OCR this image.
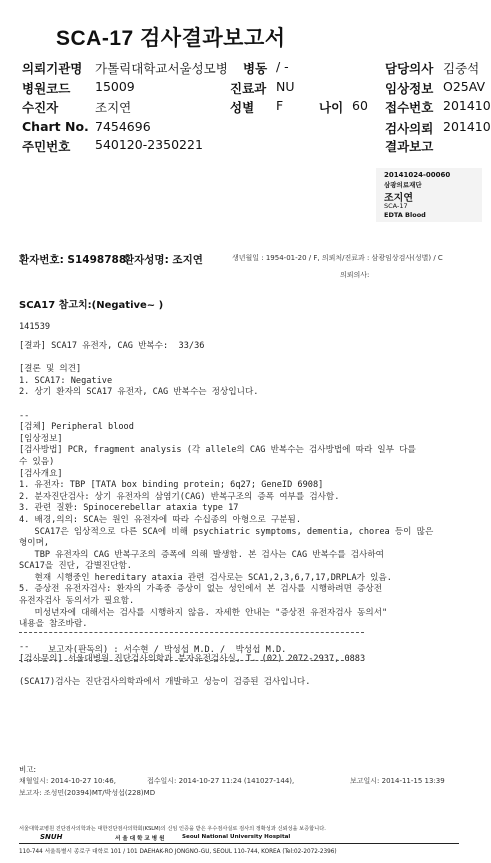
SCA-17 검사결과보고서
의뢰기관명 가톨릭대학교서울성모병 병동 / -	담당의사 김중석
병원코드 15009	진료과 NU	임상정보 O25AV
수진자	조지연	성별 F	나이 60 접수번호 201410
Chart No. 7454696	검사의뢰 201410
주민번호 540120-2350221	결과보고
20141024-00060
삼광의료재단
조지연
SCA-17
EDTA Blood
환자번호: S1498788
환자성명: 조지연	생년월일 : 1954-01-20 / F, 의뢰처/진료과 : 삼광임상검사(성별) / C
의뢰의사:
SCA17 참고치:(Negative~ )
141539
[결과] SCA17 유전자, CAG 반복수:  33/36

[결론 및 의견]
1. SCA17: Negative
2. 상기 환자의 SCA17 유전자, CAG 반복수는 정상입니다.

--
[검체] Peripheral blood
[임상정보]
[검사방법] PCR, fragment analysis (각 allele의 CAG 반복수는 검사방법에 따라 일부 다를
수 있음)
[검사개요]
1. 유전자: TBP [TATA box binding protein; 6q27; GeneID 6908]
2. 분자진단검사: 상기 유전자의 삼염기(CAG) 반복구조의 증폭 여부를 검사함.
3. 관련 질환: Spinocerebellar ataxia type 17
4. 배경,의의: SCA는 원인 유전자에 따라 수십종의 아형으로 구분됨.
SCA17은 임상적으로 다른 SCA에 비해 psychiatric symptoms, dementia, chorea 등이 많은
형이며,
TBP 유전자의 CAG 반복구조의 증폭에 의해 발생함. 본 검사는 CAG 반복수를 검사하여
SCA17을 진단, 감별진단함.
현재 시행중인 hereditary ataxia 관련 검사로는 SCA1,2,3,6,7,17,DRPLA가 있음.
5. 증상전 유전자검사: 환자의 가족중 증상이 없는 성인에서 본 검사를 시행하려면 증상전
유전자검사 동의서가 필요함.
미성년자에 대해서는 검사를 시행하지 않음. 자세한 안내는 "증상전 유전자검사 동의서"
내용을 참조바람.

--
[검사문의] 서울대병원 진단검사의학과 분자유전검사실, T. (02) 2072-2937, 0883

(SCA17)검사는 진단검사의학과에서 개발하고 성능이 검증된 검사입니다.
보고자(판독의) : 서수현 / 박성섭 M.D. /  박성섭 M.D.
비고:
채혈일시: 2014-10-27 10:46,	접수일시: 2014-10-27 11:24 (141027-144),	보고일시: 2014-11-15 13:39
보고자: 조성민(20394)MT/박성섭(228)MD
서울대학교병원 진단검사의학과는 대한진단검사의학회(KSLM)의 신임 인증을 받은 우수검사실로 검사의 정확성과 신뢰성을 보증합니다.
SNUH	서 울 대 학 교 병 원	Seoul National University Hospital
110-744 서울특별시 종로구 대학로 101 / 101 DAEHAK-RO JONGNO-GU, SEOUL 110-744, KOREA (Tel:02-2072-2396)
